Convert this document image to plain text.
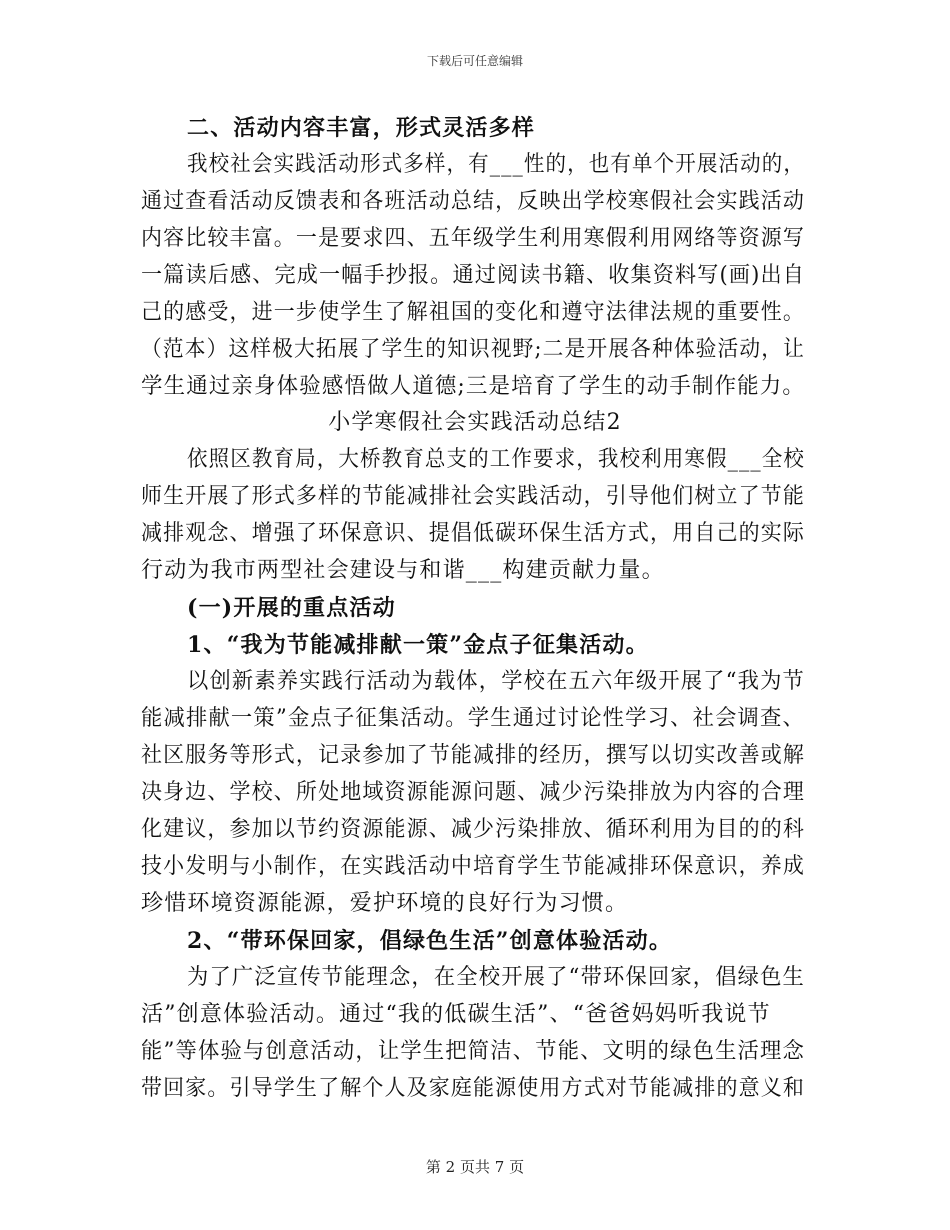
下载后可任意编辑
二、活动内容丰富，形式灵活多样
我校社会实践活动形式多样，有___性的，也有单个开展活动的，
通过查看活动反馈表和各班活动总结，反映出学校寒假社会实践活动
内容比较丰富。一是要求四、五年级学生利用寒假利用网络等资源写
一篇读后感、完成一幅手抄报。通过阅读书籍、收集资料写(画)出自
己的感受，进一步使学生了解祖国的变化和遵守法律法规的重要性。
（范本）这样极大拓展了学生的知识视野;二是开展各种体验活动，让
学生通过亲身体验感悟做人道德;三是培育了学生的动手制作能力。
小学寒假社会实践活动总结2
依照区教育局，大桥教育总支的工作要求，我校利用寒假___全校
师生开展了形式多样的节能减排社会实践活动，引导他们树立了节能
减排观念、增强了环保意识、提倡低碳环保生活方式，用自己的实际
行动为我市两型社会建设与和谐___构建贡献力量。
(一)开展的重点活动
1、“我为节能减排献一策”金点子征集活动。
以创新素养实践行活动为载体，学校在五六年级开展了“我为节
能减排献一策”金点子征集活动。学生通过讨论性学习、社会调查、
社区服务等形式，记录参加了节能减排的经历，撰写以切实改善或解
决身边、学校、所处地域资源能源问题、减少污染排放为内容的合理
化建议，参加以节约资源能源、减少污染排放、循环利用为目的的科
技小发明与小制作，在实践活动中培育学生节能减排环保意识，养成
珍惜环境资源能源，爱护环境的良好行为习惯。
2、“带环保回家，倡绿色生活”创意体验活动。
为了广泛宣传节能理念，在全校开展了“带环保回家，倡绿色生
活”创意体验活动。通过“我的低碳生活”、“爸爸妈妈听我说节
能”等体验与创意活动，让学生把简洁、节能、文明的绿色生活理念
带回家。引导学生了解个人及家庭能源使用方式对节能减排的意义和
第 2 页共 7 页
